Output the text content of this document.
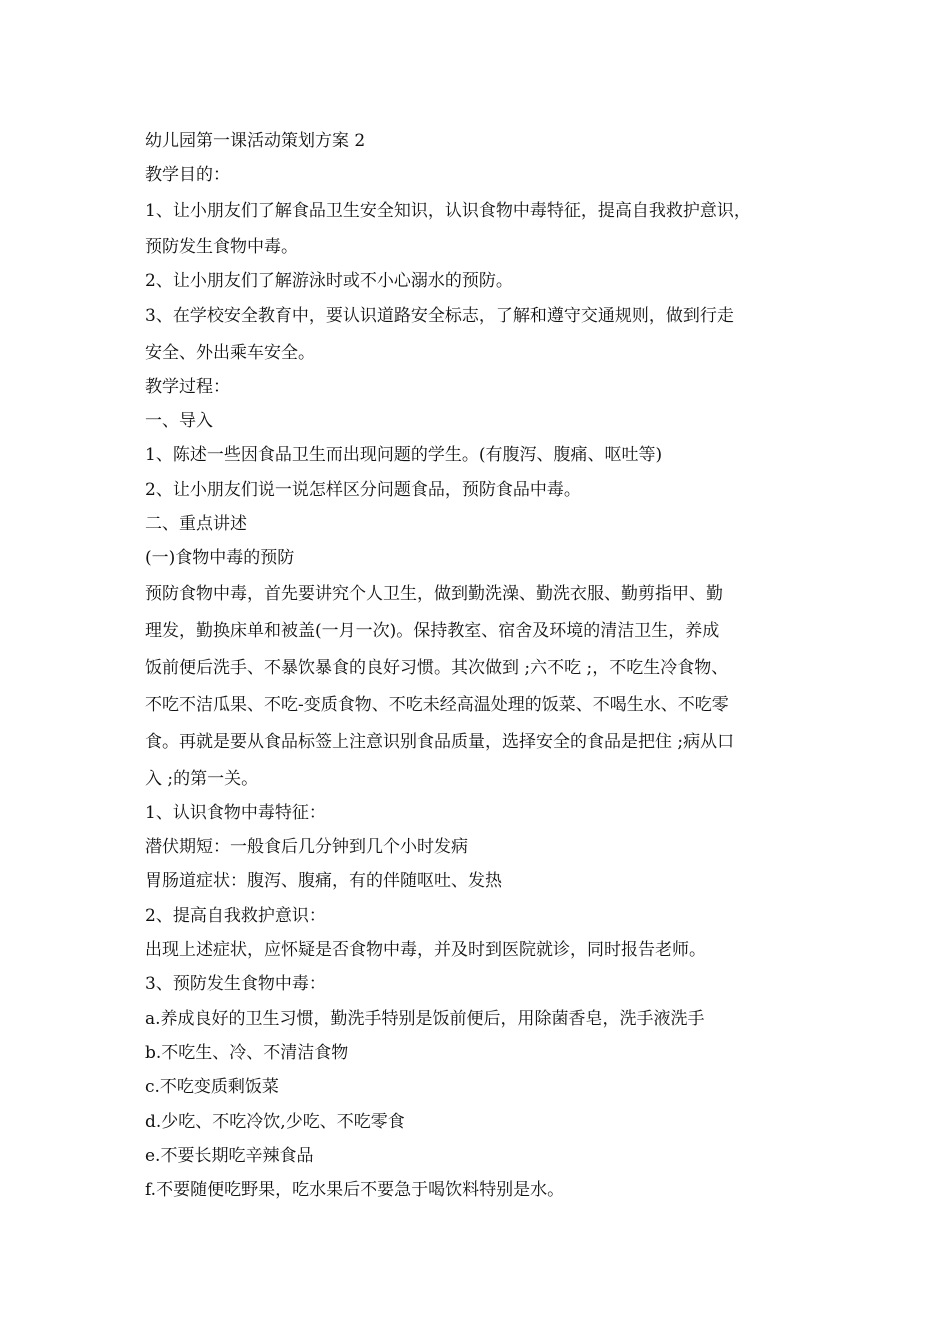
幼儿园第一课活动策划方案 2
教学目的：
1、让小朋友们了解食品卫生安全知识，认识食物中毒特征，提高自我救护意识，
预防发生食物中毒。
2、让小朋友们了解游泳时或不小心溺水的预防。
3、在学校安全教育中，要认识道路安全标志，了解和遵守交通规则，做到行走
安全、外出乘车安全。
教学过程：
一、导入
1、陈述一些因食品卫生而出现问题的学生。(有腹泻、腹痛、呕吐等)
2、让小朋友们说一说怎样区分问题食品，预防食品中毒。
二、重点讲述
(一)食物中毒的预防
预防食物中毒，首先要讲究个人卫生，做到勤洗澡、勤洗衣服、勤剪指甲、勤
理发，勤换床单和被盖(一月一次)。保持教室、宿舍及环境的清洁卫生，养成
饭前便后洗手、不暴饮暴食的良好习惯。其次做到 ;六不吃 ;，不吃生冷食物、
不吃不洁瓜果、不吃-变质食物、不吃未经高温处理的饭菜、不喝生水、不吃零
食。再就是要从食品标签上注意识别食品质量，选择安全的食品是把住 ;病从口
入 ;的第一关。
1、认识食物中毒特征：
潜伏期短：一般食后几分钟到几个小时发病
胃肠道症状：腹泻、腹痛，有的伴随呕吐、发热
2、提高自我救护意识：
出现上述症状，应怀疑是否食物中毒，并及时到医院就诊，同时报告老师。
3、预防发生食物中毒：
a.养成良好的卫生习惯，勤洗手特别是饭前便后，用除菌香皂，洗手液洗手
b.不吃生、冷、不清洁食物
c.不吃变质剩饭菜
d.少吃、不吃冷饮,少吃、不吃零食
e.不要长期吃辛辣食品
f.不要随便吃野果，吃水果后不要急于喝饮料特别是水。
